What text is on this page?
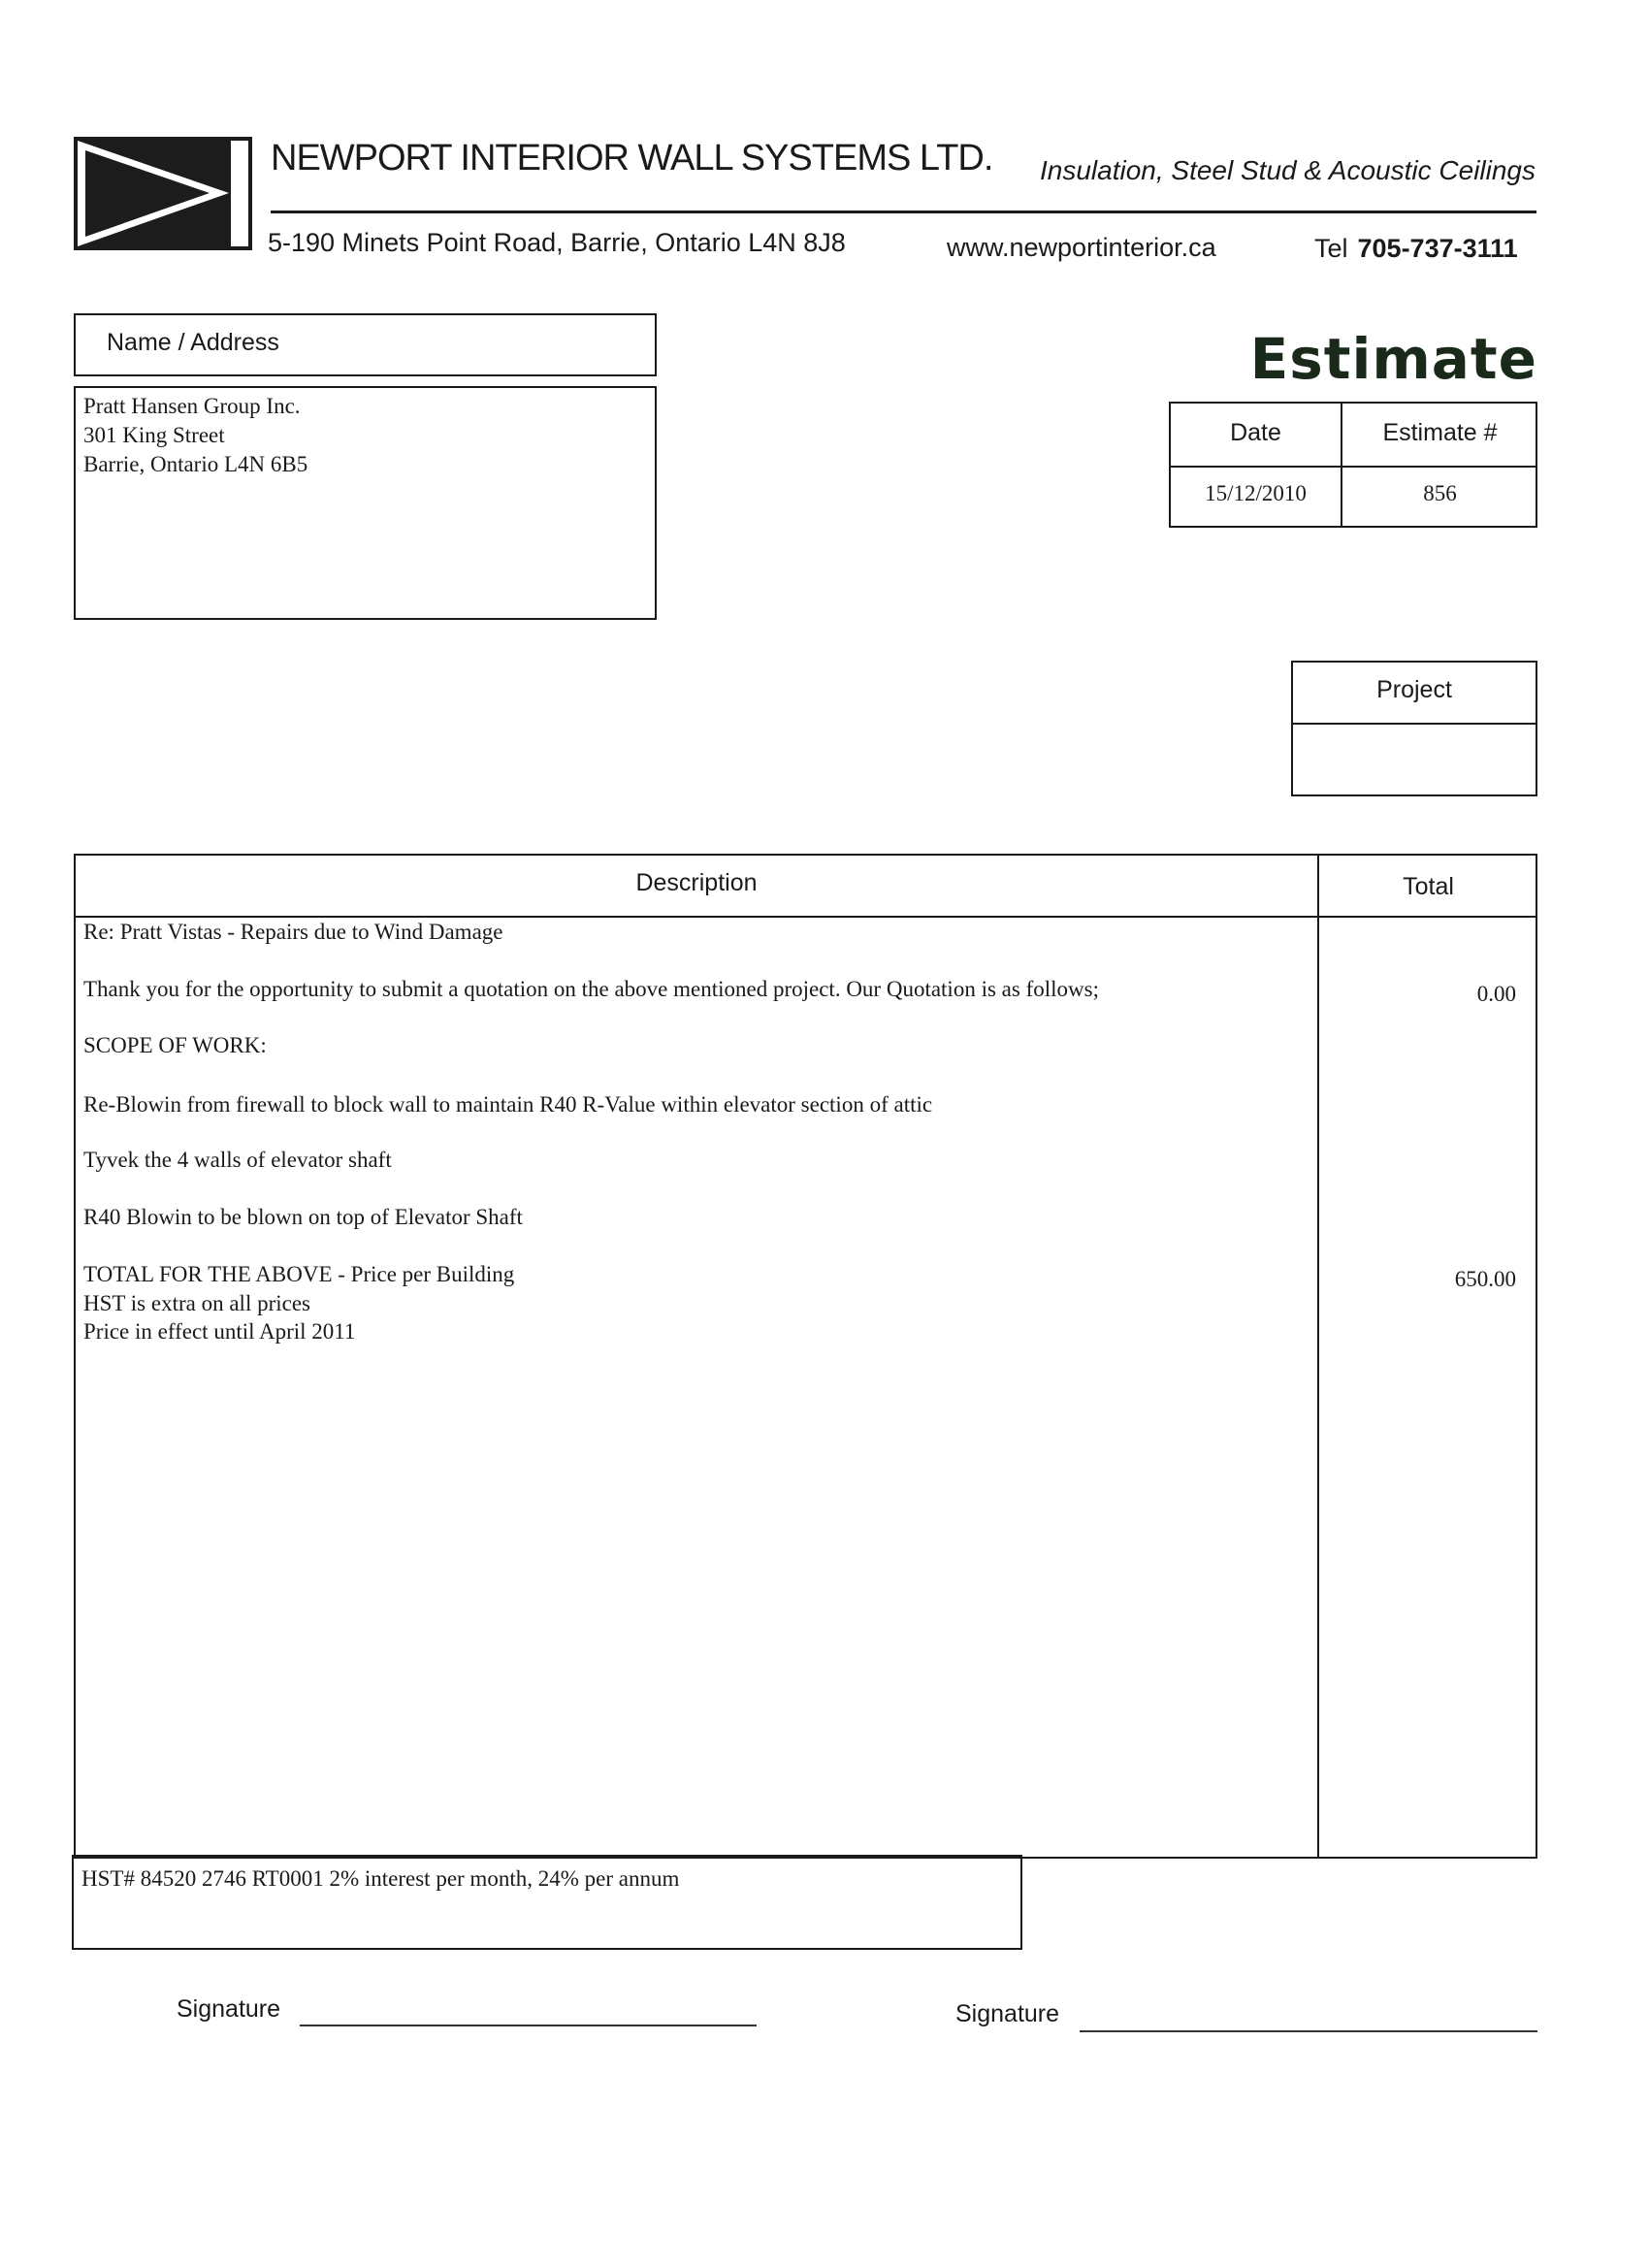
NEWPORT INTERIOR WALL SYSTEMS LTD.	Insulation, Steel Stud & Acoustic Ceilings
5-190 Minets Point Road, Barrie, Ontario L4N 8J8	www.newportinterior.ca	Tel 705-737-3111
Name / Address
Pratt Hansen Group Inc.
301 King Street
Barrie, Ontario L4N 6B5
Estimate
Date	Estimate #
15/12/2010	856
Project
Description	Total
Re: Pratt Vistas - Repairs due to Wind Damage
Thank you for the opportunity to submit a quotation on the above mentioned project. Our Quotation is as follows;	0.00
SCOPE OF WORK:
Re-Blowin from firewall to block wall to maintain R40 R-Value within elevator section of attic
Tyvek the 4 walls of elevator shaft
R40 Blowin to be blown on top of Elevator Shaft
TOTAL FOR THE ABOVE - Price per Building	650.00
HST is extra on all prices
Price in effect until April 2011
HST# 84520 2746 RT0001 2% interest per month, 24% per annum
Signature	Signature
